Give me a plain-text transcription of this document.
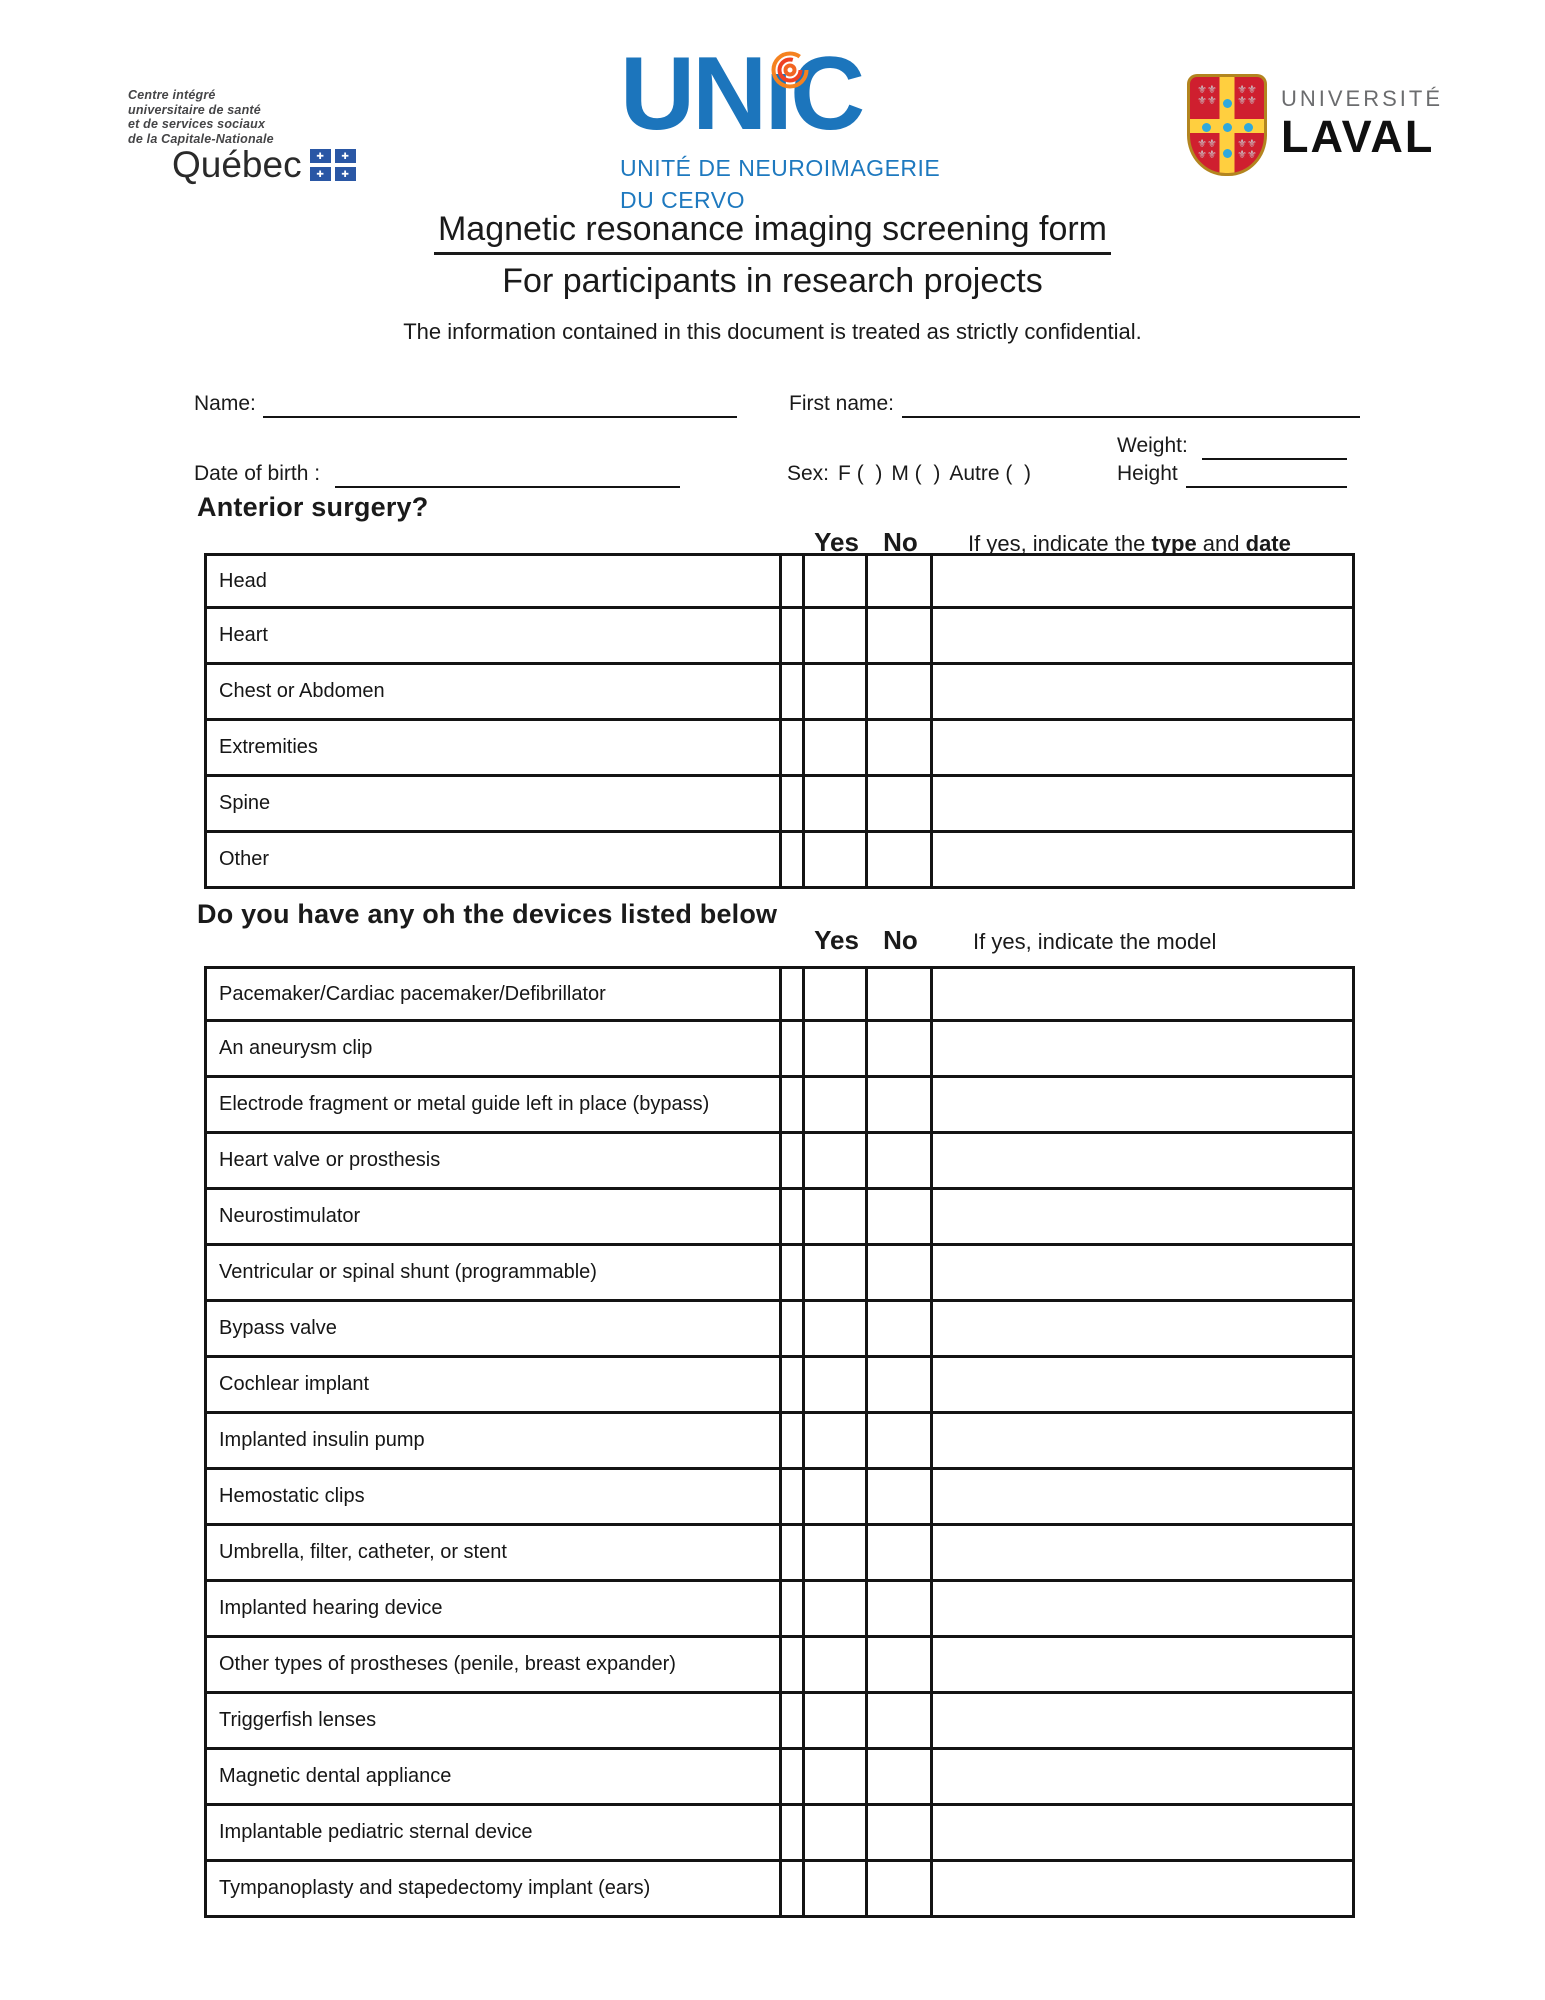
Centre intégré
universitaire de santé
et de services sociaux
de la Capitale-Nationale
Québec
✚
✚
✚
✚
UNıC
UNITÉ DE NEUROIMAGERIE
DU CERVO
⚜⚜
⚜⚜
⚜⚜
⚜⚜
⚜⚜
⚜⚜
⚜⚜
⚜⚜
UNIVERSITÉ
LAVAL
Magnetic resonance imaging screening form
For participants in research projects
The information contained in this document is treated as strictly confidential.
Name:	First name:
Weight:
Date of birth :	Sex: F (  ) M (  ) Autre (  )	Height
Anterior surgery?
Yes No	If yes, indicate the type and date
Head
Heart
Chest or Abdomen
Extremities
Spine
Other
Do you have any oh the devices listed below
Yes No	If yes, indicate the model
Pacemaker/Cardiac pacemaker/Defibrillator
An aneurysm clip
Electrode fragment or metal guide left in place (bypass)
Heart valve or prosthesis
Neurostimulator
Ventricular or spinal shunt (programmable)
Bypass valve
Cochlear implant
Implanted insulin pump
Hemostatic clips
Umbrella, filter, catheter, or stent
Implanted hearing device
Other types of prostheses (penile, breast expander)
Triggerfish lenses
Magnetic dental appliance
Implantable pediatric sternal device
Tympanoplasty and stapedectomy implant (ears)
